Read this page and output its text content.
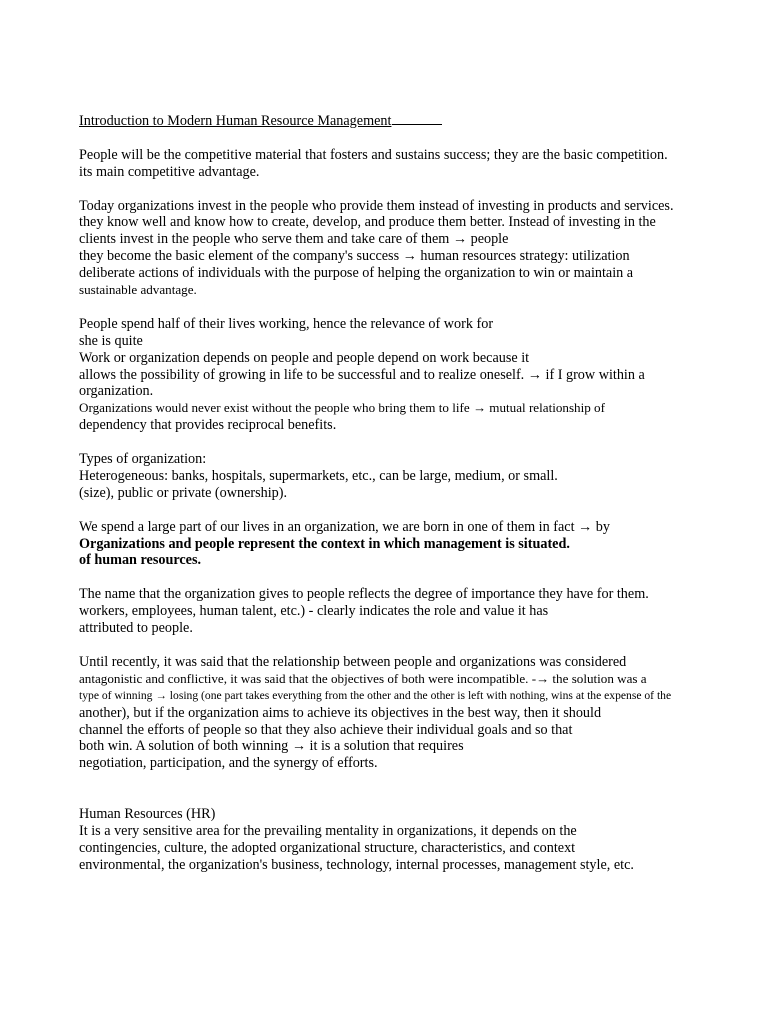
Introduction to Modern Human Resource Management
People will be the competitive material that fosters and sustains success; they are the basic competition.
its main competitive advantage.
Today organizations invest in the people who provide them instead of investing in products and services.
they know well and know how to create, develop, and produce them better. Instead of investing in the
clients invest in the people who serve them and take care of them → people
they become the basic element of the company's success → human resources strategy: utilization
deliberate actions of individuals with the purpose of helping the organization to win or maintain a
sustainable advantage.
People spend half of their lives working, hence the relevance of work for
she is quite
Work or organization depends on people and people depend on work because it
allows the possibility of growing in life to be successful and to realize oneself. → if I grow within a
organization.
Organizations would never exist without the people who bring them to life → mutual relationship of
dependency that provides reciprocal benefits.
Types of organization:
Heterogeneous: banks, hospitals, supermarkets, etc., can be large, medium, or small.
(size), public or private (ownership).
We spend a large part of our lives in an organization, we are born in one of them in fact → by
Organizations and people represent the context in which management is situated.
of human resources.
The name that the organization gives to people reflects the degree of importance they have for them.
workers, employees, human talent, etc.) - clearly indicates the role and value it has
attributed to people.
Until recently, it was said that the relationship between people and organizations was considered
antagonistic and conflictive, it was said that the objectives of both were incompatible. -→ the solution was a
type of winning → losing (one part takes everything from the other and the other is left with nothing, wins at the expense of the
another), but if the organization aims to achieve its objectives in the best way, then it should
channel the efforts of people so that they also achieve their individual goals and so that
both win. A solution of both winning → it is a solution that requires
negotiation, participation, and the synergy of efforts.
Human Resources (HR)
It is a very sensitive area for the prevailing mentality in organizations, it depends on the
contingencies, culture, the adopted organizational structure, characteristics, and context
environmental, the organization's business, technology, internal processes, management style, etc.
